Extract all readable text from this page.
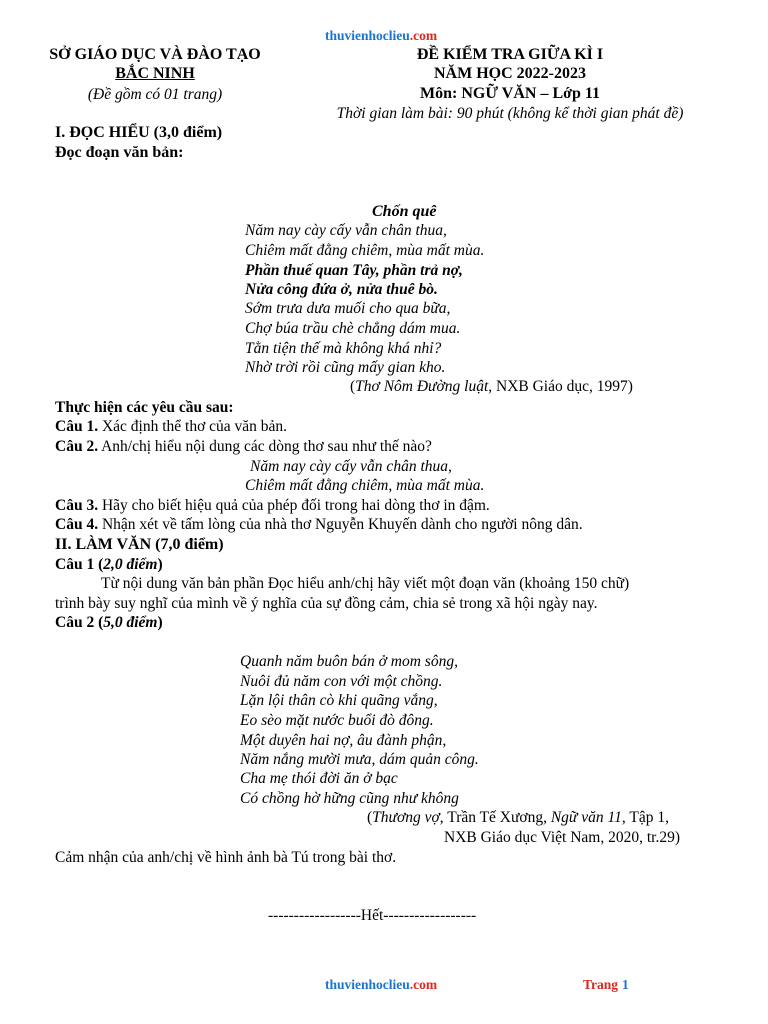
thuvienhoclieu.com
SỞ GIÁO DỤC VÀ ĐÀO TẠO
BẮC NINH
(Đề gồm có 01 trang)
ĐỀ KIỂM TRA GIỮA KÌ I
NĂM HỌC 2022-2023
Môn: NGỮ VĂN – Lớp 11
Thời gian làm bài: 90 phút (không kể thời gian phát đề)
I. ĐỌC HIỂU (3,0 điểm)
Đọc đoạn văn bản:
Chốn quê
Năm nay cày cấy vẫn chân thua,
Chiêm mất đằng chiêm, mùa mất mùa.
Phần thuế quan Tây, phần trả nợ,
Nửa công đứa ở, nửa thuê bò.
Sớm trưa dưa muối cho qua bữa,
Chợ búa trầu chè chẳng dám mua.
Tằn tiện thế mà không khá nhỉ?
Nhờ trời rồi cũng mấy gian kho.
(Thơ Nôm Đường luật, NXB Giáo dục, 1997)
Thực hiện các yêu cầu sau:
Câu 1. Xác định thể thơ của văn bản.
Câu 2. Anh/chị hiểu nội dung các dòng thơ sau như thế nào?
Năm nay cày cấy vẫn chân thua,
Chiêm mất đằng chiêm, mùa mất mùa.
Câu 3. Hãy cho biết hiệu quả của phép đối trong hai dòng thơ in đậm.
Câu 4. Nhận xét về tấm lòng của nhà thơ Nguyễn Khuyến dành cho người nông dân.
II. LÀM VĂN (7,0 điểm)
Câu 1 (2,0 điểm)
Từ nội dung văn bản phần Đọc hiểu anh/chị hãy viết một đoạn văn (khoảng 150 chữ)
trình bày suy nghĩ của mình về ý nghĩa của sự đồng cảm, chia sẻ trong xã hội ngày nay.
Câu 2 (5,0 điểm)
Quanh năm buôn bán ở mom sông,
Nuôi đủ năm con với một chồng.
Lặn lội thân cò khi quãng vắng,
Eo sèo mặt nước buổi đò đông.
Một duyên hai nợ, âu đành phận,
Năm nắng mười mưa, dám quản công.
Cha mẹ thói đời ăn ở bạc
Có chồng hờ hững cũng như không
(Thương vợ, Trần Tế Xương, Ngữ văn 11, Tập 1,
NXB Giáo dục Việt Nam, 2020, tr.29)
Cảm nhận của anh/chị về hình ảnh bà Tú trong bài thơ.
------------------Hết------------------
thuvienhoclieu.com	Trang 1
